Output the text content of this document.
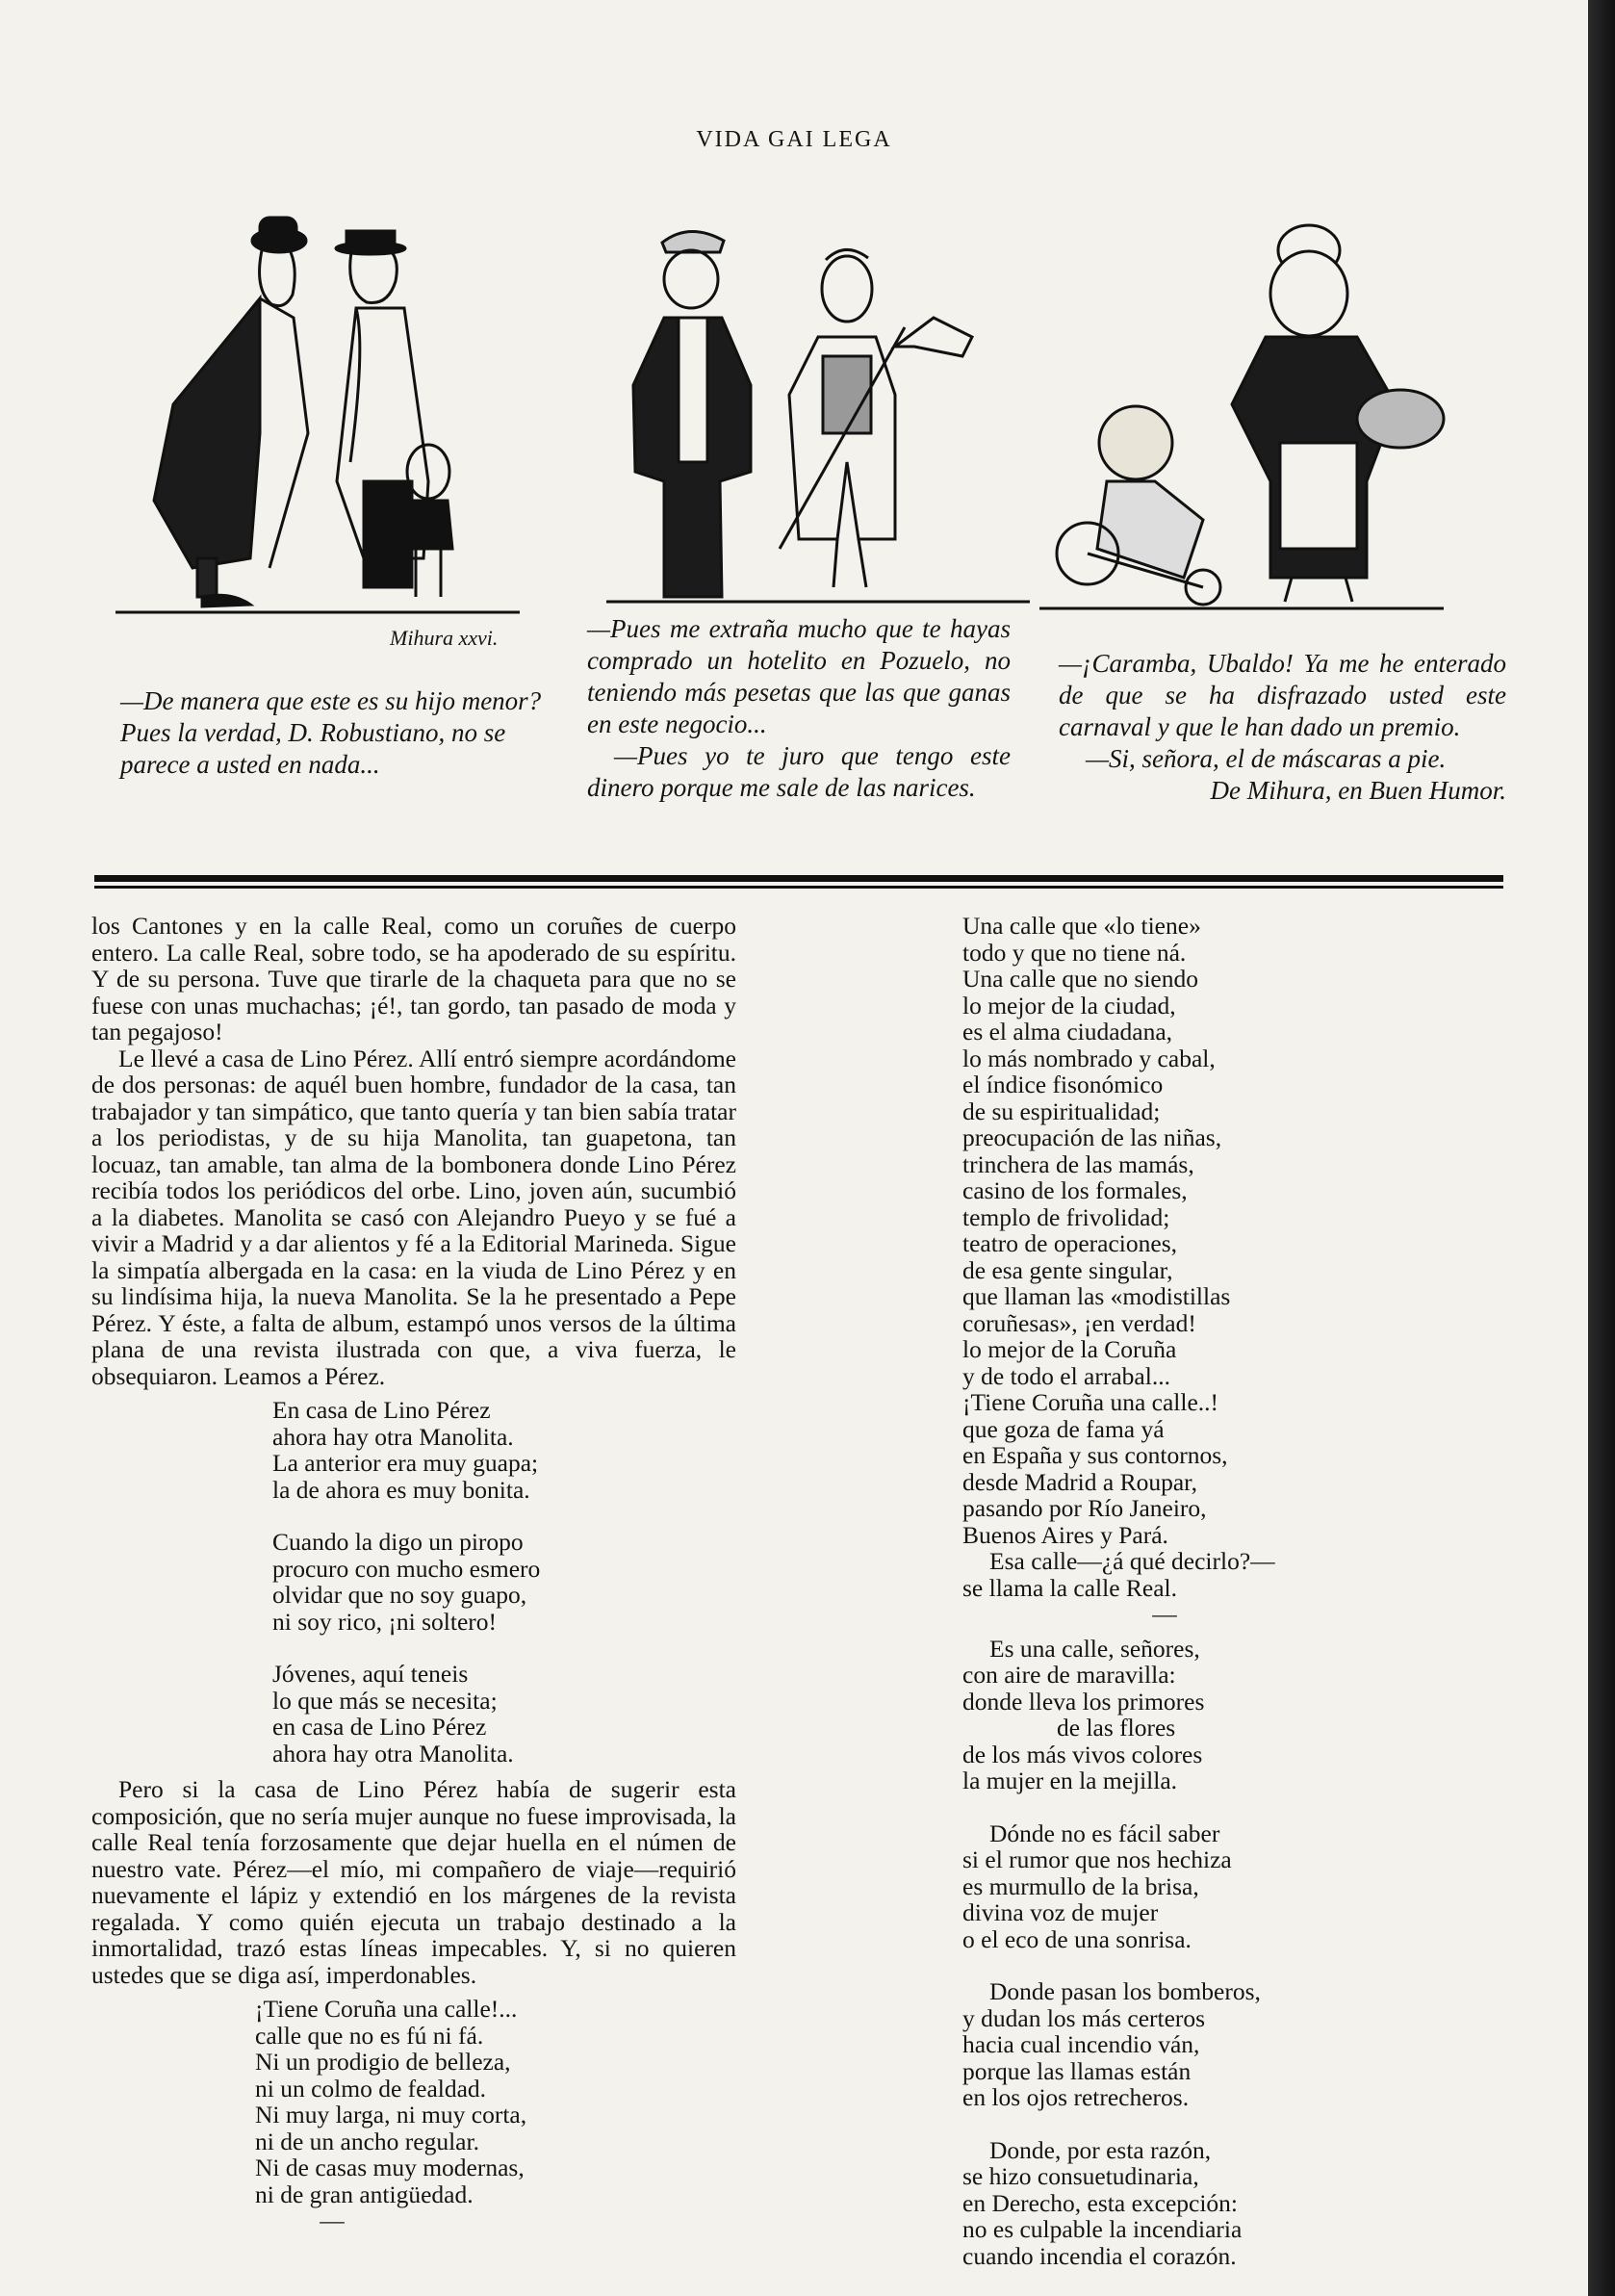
VIDA GAI LEGA
Mihura xxvi.

—De manera que este es su hijo menor? Pues la verdad, D. Robustiano, no se parece a usted en nada...

—Pues me extraña mucho que te hayas comprado un hotelito en Pozuelo, no teniendo más pesetas que las que ganas en este negocio...

—Pues yo te juro que tengo este dinero porque me sale de las narices.

—¡Caramba, Ubaldo! Ya me he enterado de que se ha disfrazado usted este carnaval y que le han dado un premio.

—Si, señora, el de máscaras a pie.

De Mihura, en Buen Humor.

los Cantones y en la calle Real, como un coruñes de cuerpo entero. La calle Real, sobre todo, se ha apoderado de su espíritu. Y de su persona. Tuve que tirarle de la chaqueta para que no se fuese con unas muchachas; ¡é!, tan gordo, tan pasado de moda y tan pegajoso!

Le llevé a casa de Lino Pérez. Allí entró siempre acordándome de dos personas: de aquél buen hombre, fundador de la casa, tan trabajador y tan simpático, que tanto quería y tan bien sabía tratar a los periodistas, y de su hija Manolita, tan guapetona, tan locuaz, tan amable, tan alma de la bombonera donde Lino Pérez recibía todos los periódicos del orbe. Lino, joven aún, sucumbió a la diabetes. Manolita se casó con Alejandro Pueyo y se fué a vivir a Madrid y a dar alientos y fé a la Editorial Marineda. Sigue la simpatía albergada en la casa: en la viuda de Lino Pérez y en su lindísima hija, la nueva Manolita. Se la he presentado a Pepe Pérez. Y éste, a falta de album, estampó unos versos de la última plana de una revista ilustrada con que, a viva fuerza, le obsequiaron. Leamos a Pérez.

En casa de Lino Pérez
ahora hay otra Manolita.
La anterior era muy guapa;
la de ahora es muy bonita.
Cuando la digo un piropo
procuro con mucho esmero
olvidar que no soy guapo,
ni soy rico, ¡ni soltero!
Jóvenes, aquí teneis
lo que más se necesita;
en casa de Lino Pérez
ahora hay otra Manolita.

Pero si la casa de Lino Pérez había de sugerir esta composición, que no sería mujer aunque no fuese improvisada, la calle Real tenía forzosamente que dejar huella en el númen de nuestro vate. Pérez—el mío, mi compañero de viaje—requirió nuevamente el lápiz y extendió en los márgenes de la revista regalada. Y como quién ejecuta un trabajo destinado a la inmortalidad, trazó estas líneas impecables. Y, si no quieren ustedes que se diga así, imperdonables.

¡Tiene Coruña una calle!...
calle que no es fú ni fá.
Ni un prodigio de belleza,
ni un colmo de fealdad.
Ni muy larga, ni muy corta,
ni de un ancho regular.
Ni de casas muy modernas,
ni de gran antigüedad.
—
Una calle que «lo tiene»
todo y que no tiene ná.
Una calle que no siendo
lo mejor de la ciudad,
es el alma ciudadana,
lo más nombrado y cabal,
el índice fisonómico
de su espiritualidad;
preocupación de las niñas,
trinchera de las mamás,
casino de los formales,
templo de frivolidad;
teatro de operaciones,
de esa gente singular,
que llaman las «modistillas
coruñesas», ¡en verdad!
lo mejor de la Coruña
y de todo el arrabal...
¡Tiene Coruña una calle..!
que goza de fama yá
en España y sus contornos,
desde Madrid a Roupar,
pasando por Río Janeiro,
Buenos Aires y Pará.
Esa calle—¿á qué decirlo?—
se llama la calle Real.
—
Es una calle, señores,
con aire de maravilla:
donde lleva los primores
de las flores
de los más vivos colores
la mujer en la mejilla.
Dónde no es fácil saber
si el rumor que nos hechiza
es murmullo de la brisa,
divina voz de mujer
o el eco de una sonrisa.
Donde pasan los bomberos,
y dudan los más certeros
hacia cual incendio ván,
porque las llamas están
en los ojos retrecheros.
Donde, por esta razón,
se hizo consuetudinaria,
en Derecho, esta excepción:
no es culpable la incendiaria
cuando incendia el corazón.
